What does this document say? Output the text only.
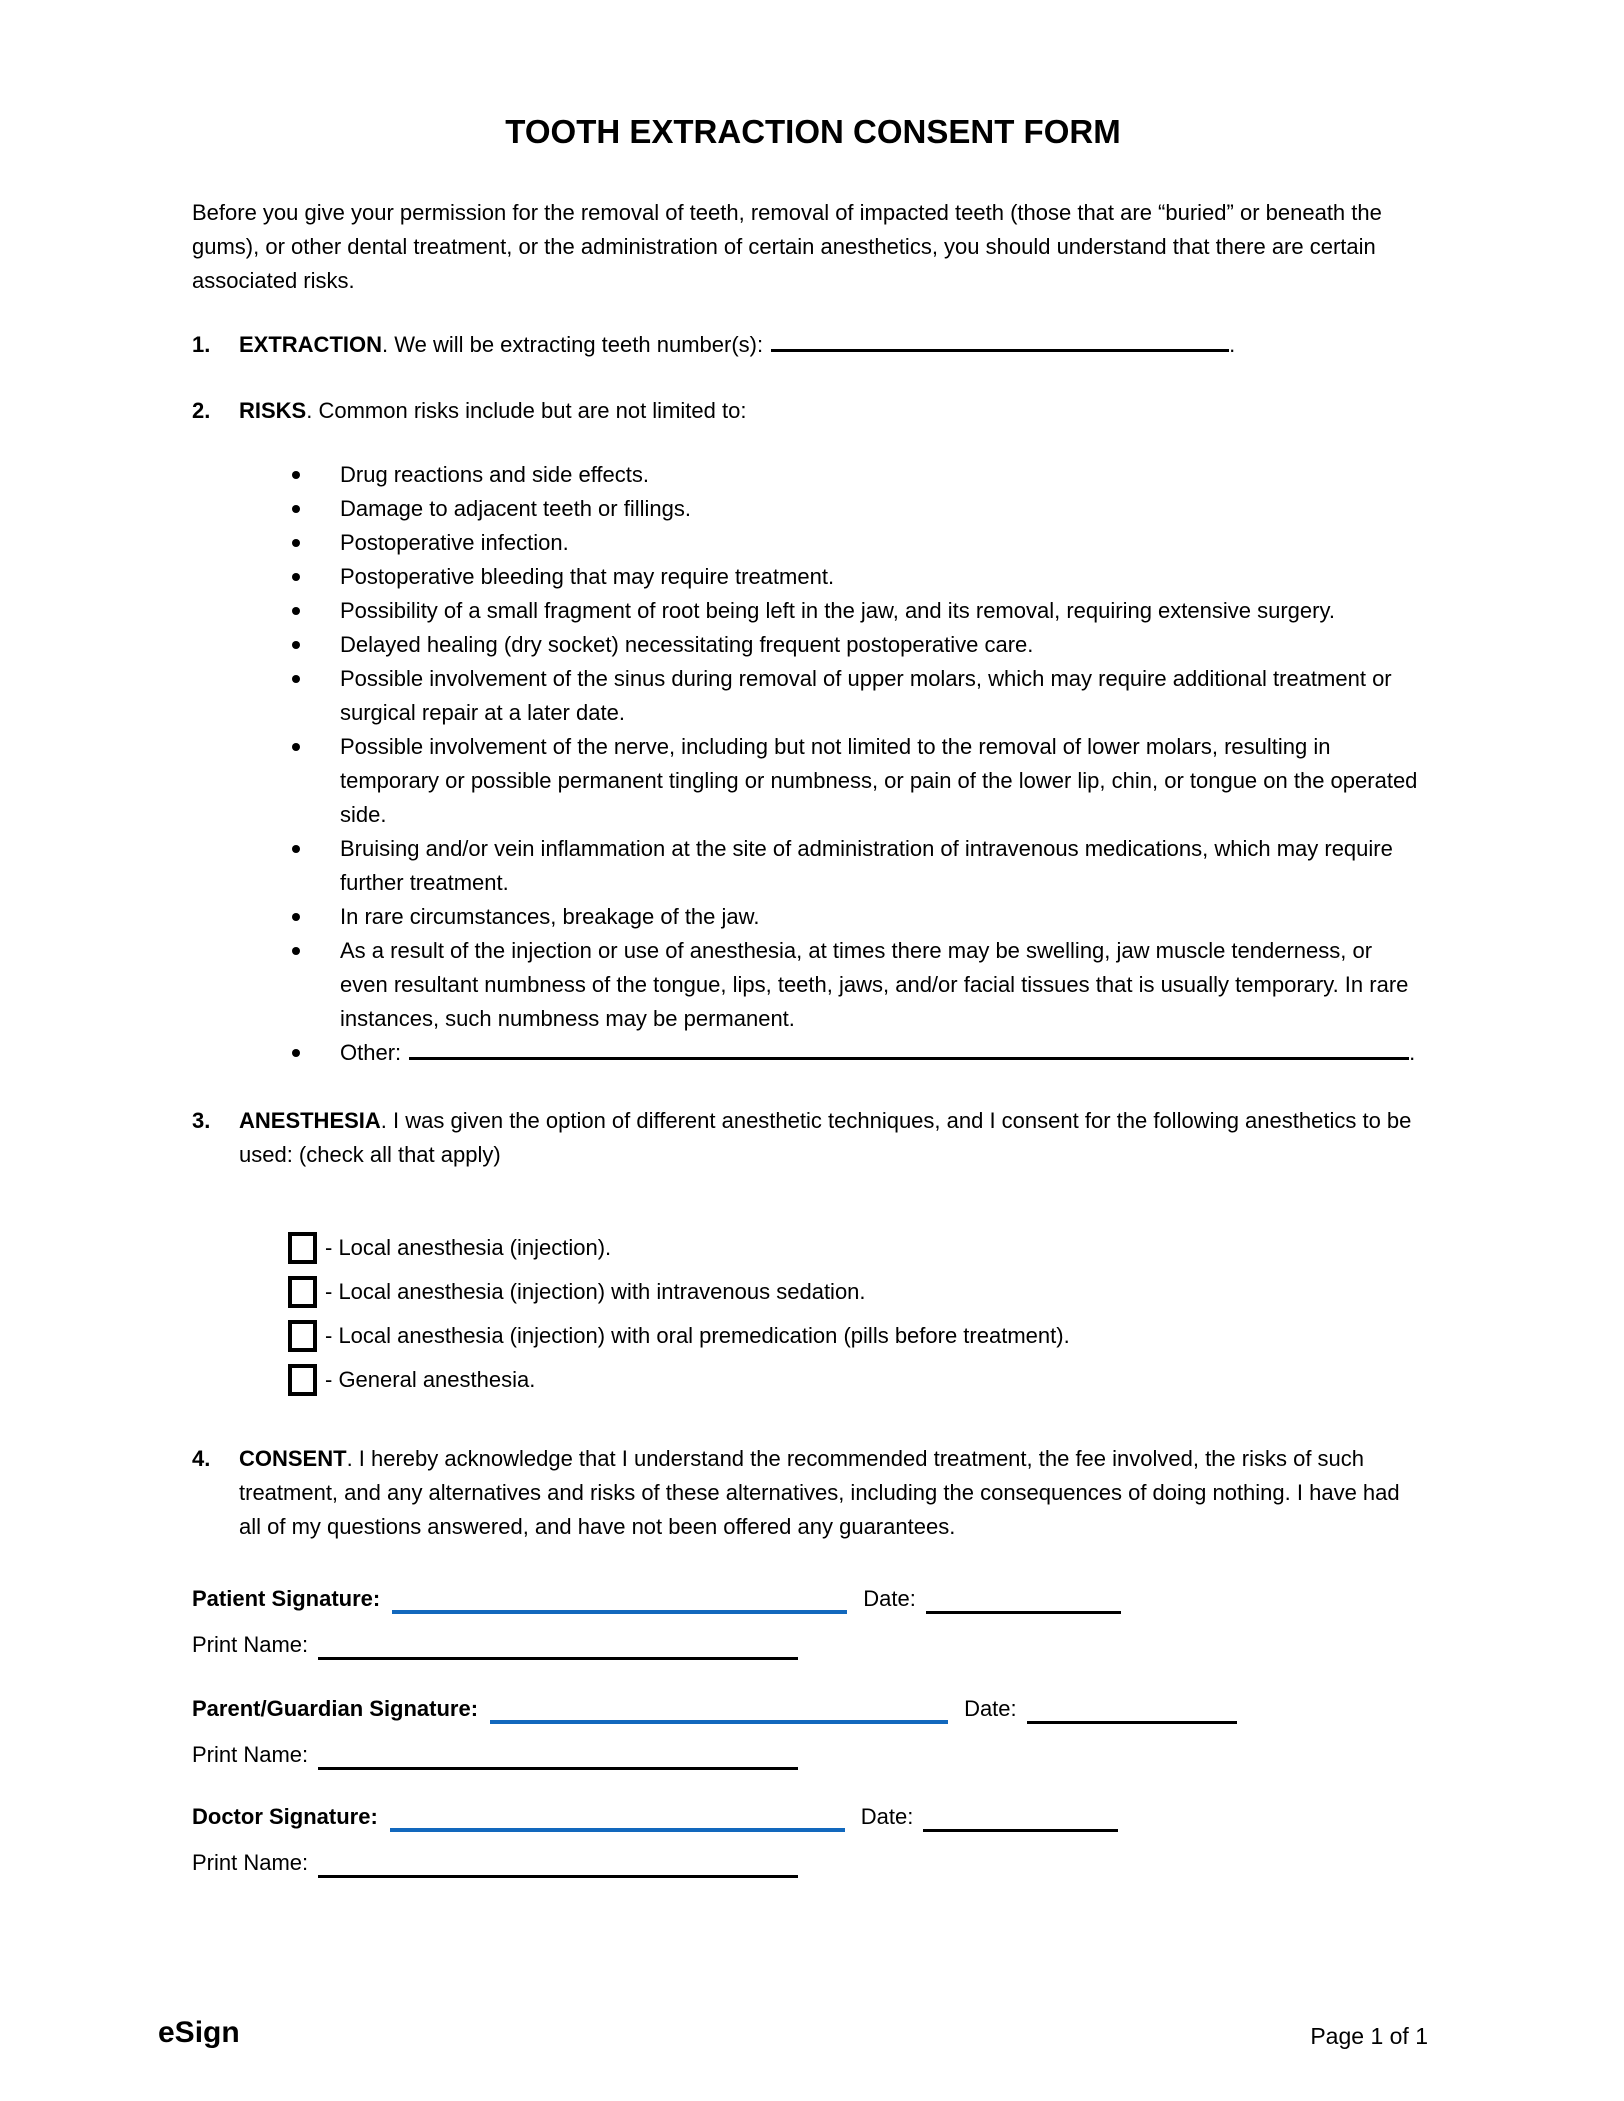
TOOTH EXTRACTION CONSENT FORM

Before you give your permission for the removal of teeth, removal of impacted teeth (those that are “buried” or beneath the gums), or other dental treatment, or the administration of certain anesthetics, you should understand that there are certain associated risks.

1.	EXTRACTION. We will be extracting teeth number(s):	.
2.	RISKS. Common risks include but are not limited to:
Drug reactions and side effects.
Damage to adjacent teeth or fillings.
Postoperative infection.
Postoperative bleeding that may require treatment.
Possibility of a small fragment of root being left in the jaw, and its removal, requiring extensive surgery.
Delayed healing (dry socket) necessitating frequent postoperative care.
Possible involvement of the sinus during removal of upper molars, which may require additional treatment or surgical repair at a later date.
Possible involvement of the nerve, including but not limited to the removal of lower molars, resulting in temporary or possible permanent tingling or numbness, or pain of the lower lip, chin, or tongue on the operated side.
Bruising and/or vein inflammation at the site of administration of intravenous medications, which may require further treatment.
In rare circumstances, breakage of the jaw.
As a result of the injection or use of anesthesia, at times there may be swelling, jaw muscle tenderness, or even resultant numbness of the tongue, lips, teeth, jaws, and/or facial tissues that is usually temporary. In rare instances, such numbness may be permanent.
Other:	.
3.	ANESTHESIA. I was given the option of different anesthetic techniques, and I consent for the following anesthetics to be used: (check all that apply)
- Local anesthesia (injection).
- Local anesthesia (injection) with intravenous sedation.
- Local anesthesia (injection) with oral premedication (pills before treatment).
- General anesthesia.
4.	CONSENT. I hereby acknowledge that I understand the recommended treatment, the fee involved, the risks of such treatment, and any alternatives and risks of these alternatives, including the consequences of doing nothing. I have had all of my questions answered, and have not been offered any guarantees.
Patient Signature:	Date:
Print Name:
Parent/Guardian Signature:	Date:
Print Name:
Doctor Signature:	Date:
Print Name:
eSign	Page 1 of 1
